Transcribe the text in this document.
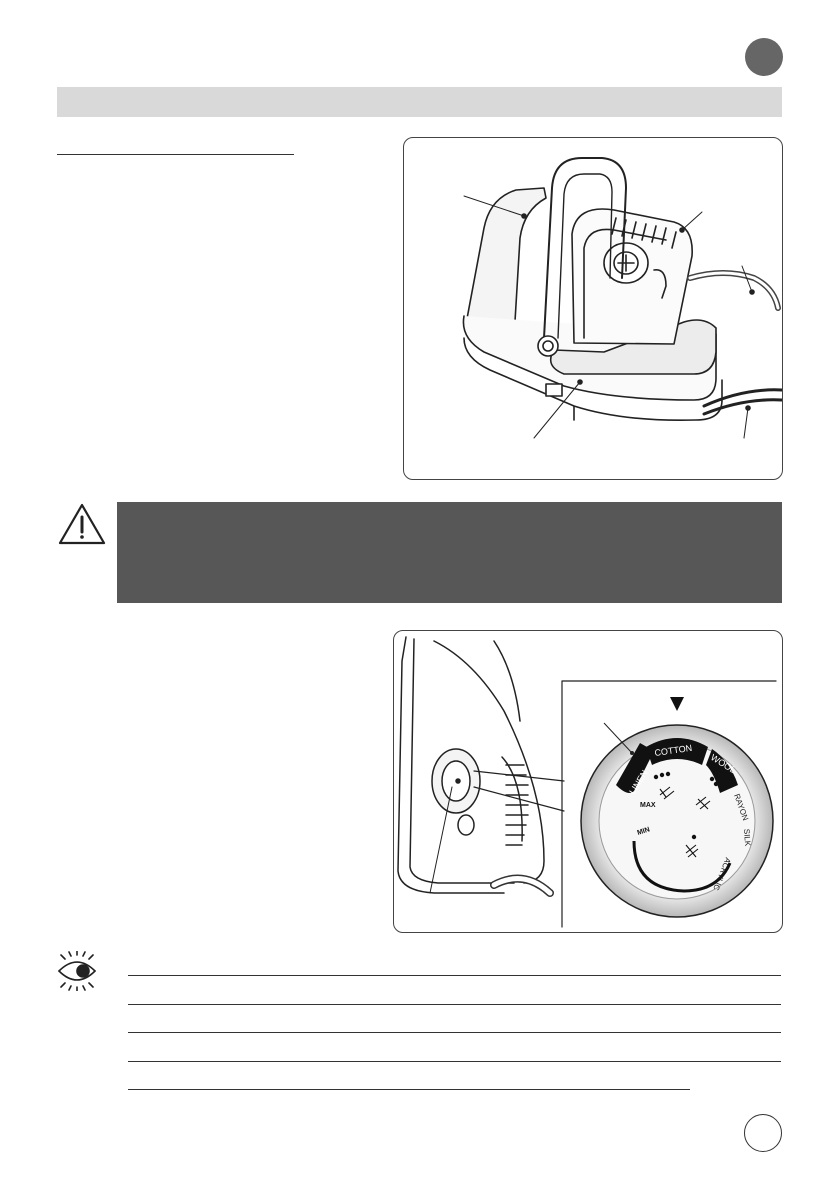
LINEN
COTTON
WOOL
RAYON
SILK
ACRYLIC
MAX
MIN
